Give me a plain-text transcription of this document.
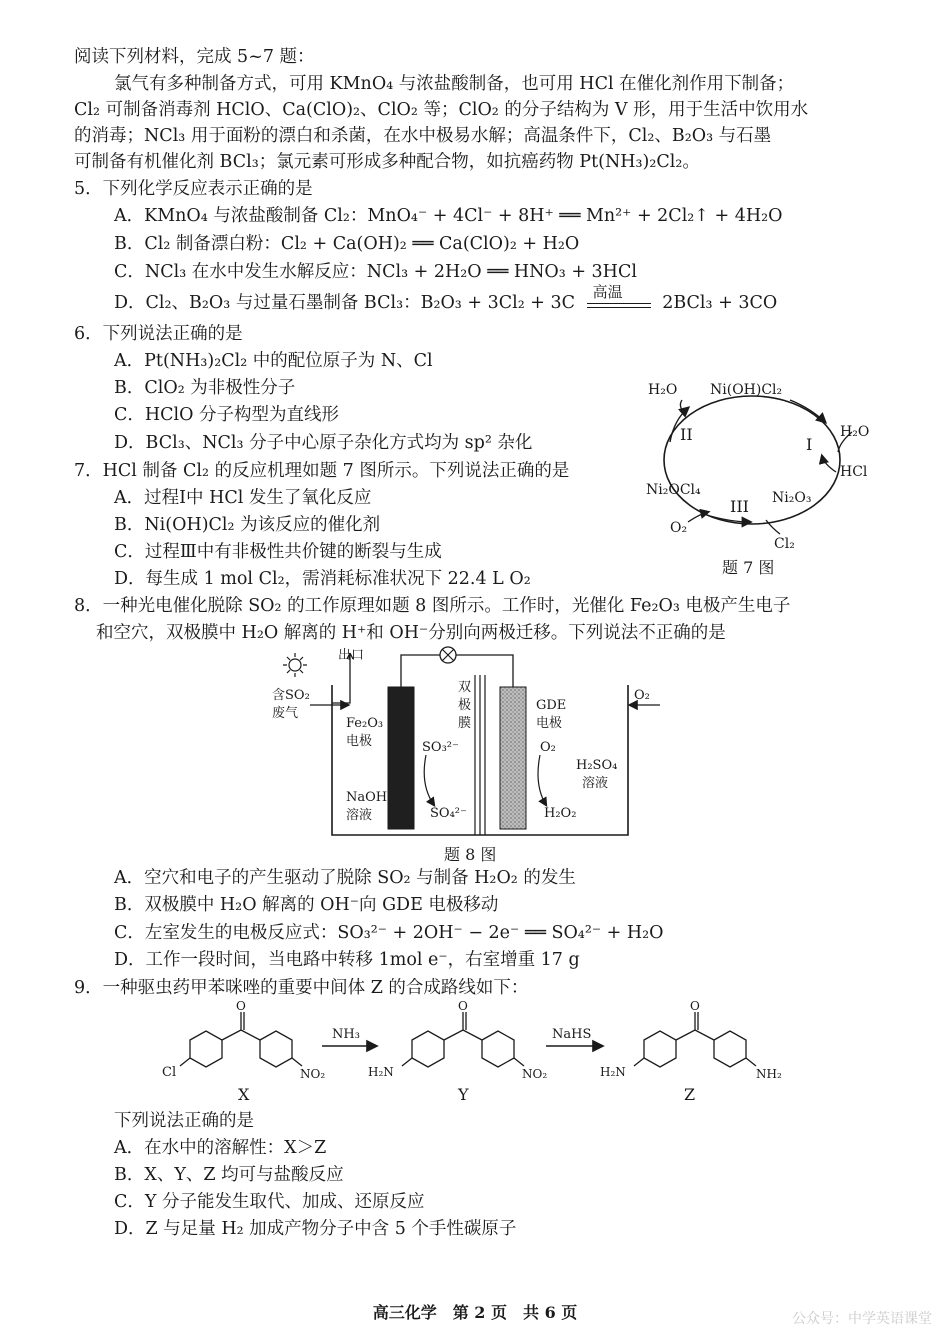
阅读下列材料，完成 5~7 题：
氯气有多种制备方式，可用 KMnO₄ 与浓盐酸制备，也可用 HCl 在催化剂作用下制备；
Cl₂ 可制备消毒剂 HClO、Ca(ClO)₂、ClO₂ 等；ClO₂ 的分子结构为 V 形，用于生活中饮用水
的消毒；NCl₃ 用于面粉的漂白和杀菌，在水中极易水解；高温条件下，Cl₂、B₂O₃ 与石墨
可制备有机催化剂 BCl₃；氯元素可形成多种配合物，如抗癌药物 Pt(NH₃)₂Cl₂。
5．下列化学反应表示正确的是
A．KMnO₄ 与浓盐酸制备 Cl₂：MnO₄⁻ + 4Cl⁻ + 8H⁺ ══ Mn²⁺ + 2Cl₂↑ + 4H₂O
B．Cl₂ 制备漂白粉：Cl₂ + Ca(OH)₂ ══ Ca(ClO)₂ + H₂O
C．NCl₃ 在水中发生水解反应：NCl₃ + 2H₂O ══ HNO₃ + 3HCl
D．Cl₂、B₂O₃ 与过量石墨制备 BCl₃：B₂O₃ + 3Cl₂ + 3C
高温
2BCl₃ + 3CO
6．下列说法正确的是
A．Pt(NH₃)₂Cl₂ 中的配位原子为 N、Cl
B．ClO₂ 为非极性分子
C．HClO 分子构型为直线形
D．BCl₃、NCl₃ 分子中心原子杂化方式均为 sp² 杂化
7．HCl 制备 Cl₂ 的反应机理如题 7 图所示。下列说法正确的是
A．过程Ⅰ中 HCl 发生了氧化反应
B．Ni(OH)Cl₂ 为该反应的催化剂
C．过程Ⅲ中有非极性共价键的断裂与生成
D．每生成 1 mol Cl₂，需消耗标准状况下 22.4 L O₂
Ni(OH)Cl₂
H₂O
H₂O
HCl
Ni₂OCl₄	Ni₂O₃
O₂
Cl₂
I
II
III
题 7 图
8．一种光电催化脱除 SO₂ 的工作原理如题 8 图所示。工作时，光催化 Fe₂O₃ 电极产生电子
和空穴，双极膜中 H₂O 解离的 H⁺和 OH⁻分别向两极迁移。下列说法不正确的是
出口
含SO₂
废气
Fe₂O₃
电极	SO₃²⁻
SO₄²⁻
NaOH
溶液
双
极
膜
GDE
电极
O₂
O₂
H₂O₂
H₂SO₄
溶液
题 8 图
A．空穴和电子的产生驱动了脱除 SO₂ 与制备 H₂O₂ 的发生
B．双极膜中 H₂O 解离的 OH⁻向 GDE 电极移动
C．左室发生的电极反应式：SO₃²⁻ + 2OH⁻ − 2e⁻ ══ SO₄²⁻ + H₂O
D．工作一段时间，当电路中转移 1mol e⁻，右室增重 17 g
9．一种驱虫药甲苯咪唑的重要中间体 Z 的合成路线如下：
Cl	NO₂
O
X
NH₃
H₂N	NO₂
O
Y
NaHS
H₂N	NH₂
O
Z
下列说法正确的是
A．在水中的溶解性：X＞Z
B．X、Y、Z 均可与盐酸反应
C．Y 分子能发生取代、加成、还原反应
D．Z 与足量 H₂ 加成产物分子中含 5 个手性碳原子
高三化学　第 2 页　共 6 页	公众号：中学英语课堂
